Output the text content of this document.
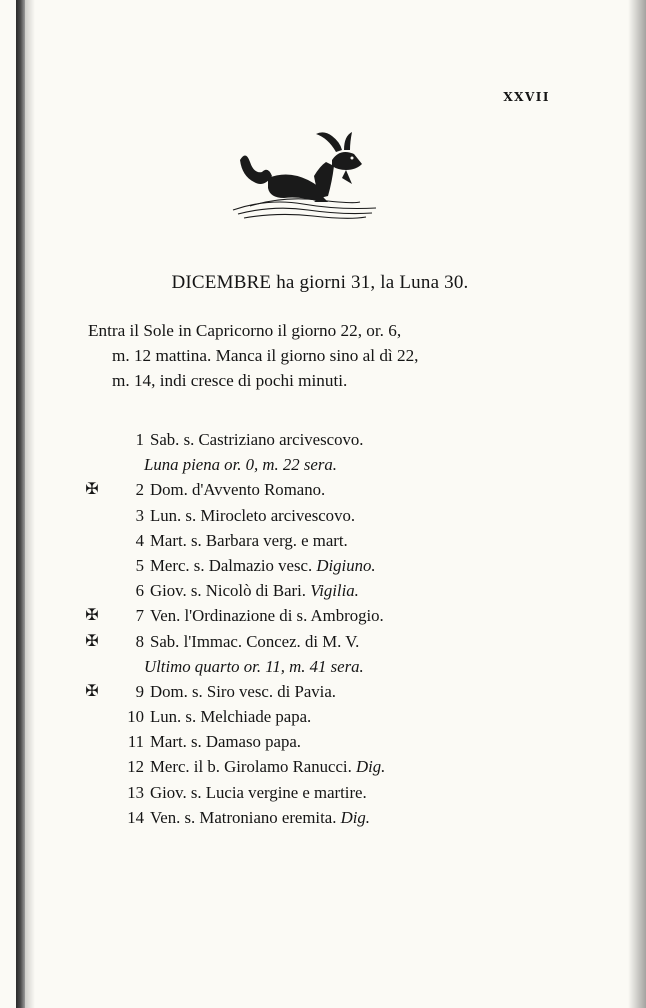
XXVII
DICEMBRE ha giorni 31, la Luna 30.
Entra il Sole in Capricorno il giorno 22, or. 6,
m. 12 mattina. Manca il giorno sino al dì 22,
m. 14, indi cresce di pochi minuti.
1 Sab. s. Castriziano arcivescovo.
Luna piena or. 0, m. 22 sera.
✠	2 Dom. d'Avvento Romano.
3 Lun. s. Mirocleto arcivescovo.
4 Mart. s. Barbara verg. e mart.
5 Merc. s. Dalmazio vesc. Digiuno.
6 Giov. s. Nicolò di Bari. Vigilia.
✠	7 Ven. l'Ordinazione di s. Ambrogio.
✠	8 Sab. l'Immac. Concez. di M. V.
Ultimo quarto or. 11, m. 41 sera.
✠	9 Dom. s. Siro vesc. di Pavia.
10 Lun. s. Melchiade papa.
11 Mart. s. Damaso papa.
12 Merc. il b. Girolamo Ranucci. Dig.
13 Giov. s. Lucia vergine e martire.
14 Ven. s. Matroniano eremita. Dig.
